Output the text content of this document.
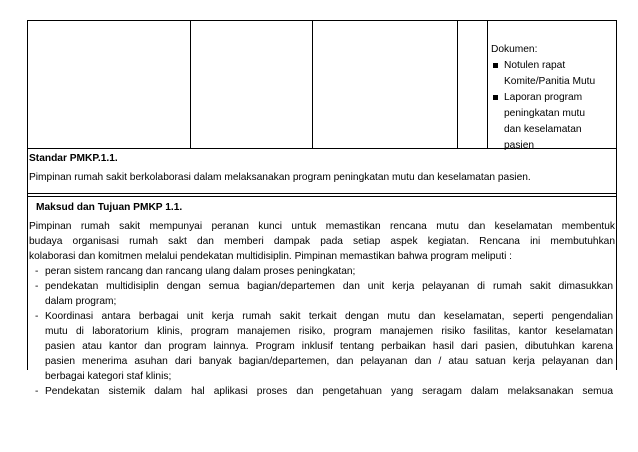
Dokumen:
Notulen rapat
Komite/Panitia Mutu
Laporan program
peningkatan mutu
dan keselamatan
pasien
Standar PMKP.1.1.
Pimpinan rumah sakit berkolaborasi dalam melaksanakan program peningkatan mutu dan keselamatan pasien.
Maksud dan Tujuan PMKP 1.1.
Pimpinan rumah sakit mempunyai peranan kunci untuk memastikan rencana mutu dan keselamatan membentuk
budaya organisasi rumah sakt dan memberi dampak pada setiap aspek kegiatan. Rencana ini membutuhkan
kolaborasi dan komitmen melalui pendekatan multidisiplin. Pimpinan memastikan bahwa program meliputi :
- peran sistem rancang dan rancang ulang dalam proses peningkatan;
- pendekatan multidisiplin dengan semua bagian/departemen dan unit kerja pelayanan di rumah sakit dimasukkan
dalam program;
- Koordinasi antara berbagai unit kerja rumah sakit terkait dengan mutu dan keselamatan, seperti pengendalian
mutu di laboratorium klinis, program manajemen risiko, program manajemen risiko fasilitas, kantor keselamatan
pasien atau kantor dan program lainnya. Program inklusif tentang perbaikan hasil dari pasien, dibutuhkan karena
pasien menerima asuhan dari banyak bagian/departemen, dan pelayanan dan / atau satuan kerja pelayanan dan
berbagai kategori staf klinis;
- Pendekatan sistemik dalam hal aplikasi proses dan pengetahuan yang seragam dalam melaksanakan semua
